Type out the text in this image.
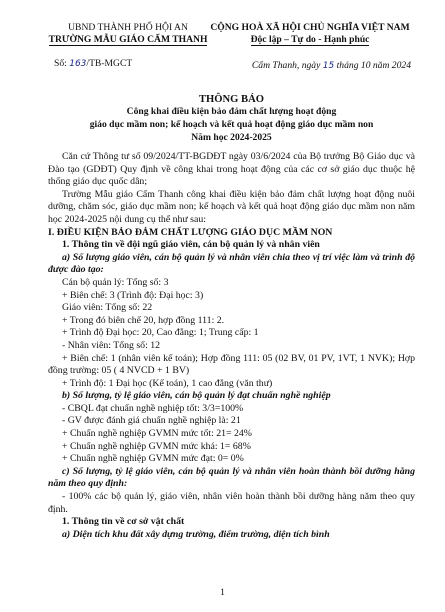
UBND THÀNH PHỐ HỘI AN
TRƯỜNG MẪU GIÁO CẨM THANH
CỘNG HOÀ XÃ HỘI CHỦ NGHĨA VIỆT NAM
Độc lập – Tự do - Hạnh phúc
Số: 163/TB-MGCT	Cẩm Thanh, ngày 15 tháng 10 năm 2024
THÔNG BÁO
Công khai điều kiện bảo đảm chất lượng hoạt động
giáo dục mầm non; kế hoạch và kết quả hoạt động giáo dục mầm non
Năm học 2024-2025

Căn cứ Thông tư số 09/2024/TT-BGDĐT ngày 03/6/2024 của Bộ trưởng Bộ Giáo dục và Đào tạo (GDĐT) Quy định về công khai trong hoạt động của các cơ sở giáo dục thuộc hệ thống giáo dục quốc dân;

Trường Mẫu giáo Cẩm Thanh công khai điều kiện bảo đảm chất lượng hoạt động nuôi dưỡng, chăm sóc, giáo dục mầm non; kế hoạch và kết quả hoạt động giáo dục mầm non năm học 2024-2025 nội dung cụ thể như sau:

I. ĐIỀU KIỆN BẢO ĐẢM CHẤT LƯỢNG GIÁO DỤC MẦM NON

1. Thông tin về đội ngũ giáo viên, cán bộ quản lý và nhân viên

a) Số lượng giáo viên, cán bộ quản lý và nhân viên chia theo vị trí việc làm và trình độ được đào tạo:

Cán bộ quản lý: Tổng số: 3

+ Biên chế: 3 (Trình độ: Đại học: 3)

Giáo viên: Tổng số: 22

+ Trong đó biên chế 20, hợp đồng 111: 2.

+ Trình độ Đại học: 20, Cao đẳng: 1; Trung cấp: 1

- Nhân viên: Tổng số: 12

+ Biên chế: 1 (nhân viên kế toán); Hợp đồng 111: 05 (02 BV, 01 PV, 1VT, 1 NVK); Hợp đồng trường: 05 ( 4 NVCD + 1 BV)

+ Trình độ: 1 Đại học (Kế toán), 1 cao đẳng (văn thư)

b) Số lượng, tỷ lệ giáo viên, cán bộ quản lý đạt chuẩn nghề nghiệp

- CBQL đạt chuẩn nghề nghiệp tốt: 3/3=100%

- GV được đánh giá chuẩn nghề nghiệp là: 21

+ Chuẩn nghề nghiệp GVMN mức tốt: 21= 24%

+ Chuẩn nghề nghiệp GVMN mức khá: 1= 68%

+ Chuẩn nghề nghiệp GVMN mức đạt: 0= 0%

c) Số lượng, tỷ lệ giáo viên, cán bộ quản lý và nhân viên hoàn thành bồi dưỡng hằng năm theo quy định:

- 100% các bộ quản lý, giáo viên, nhân viên hoàn thành bồi dưỡng hàng năm theo quy định.

1. Thông tin về cơ sở vật chất

a) Diện tích khu đất xây dựng trường, điểm trường, diện tích bình

1
